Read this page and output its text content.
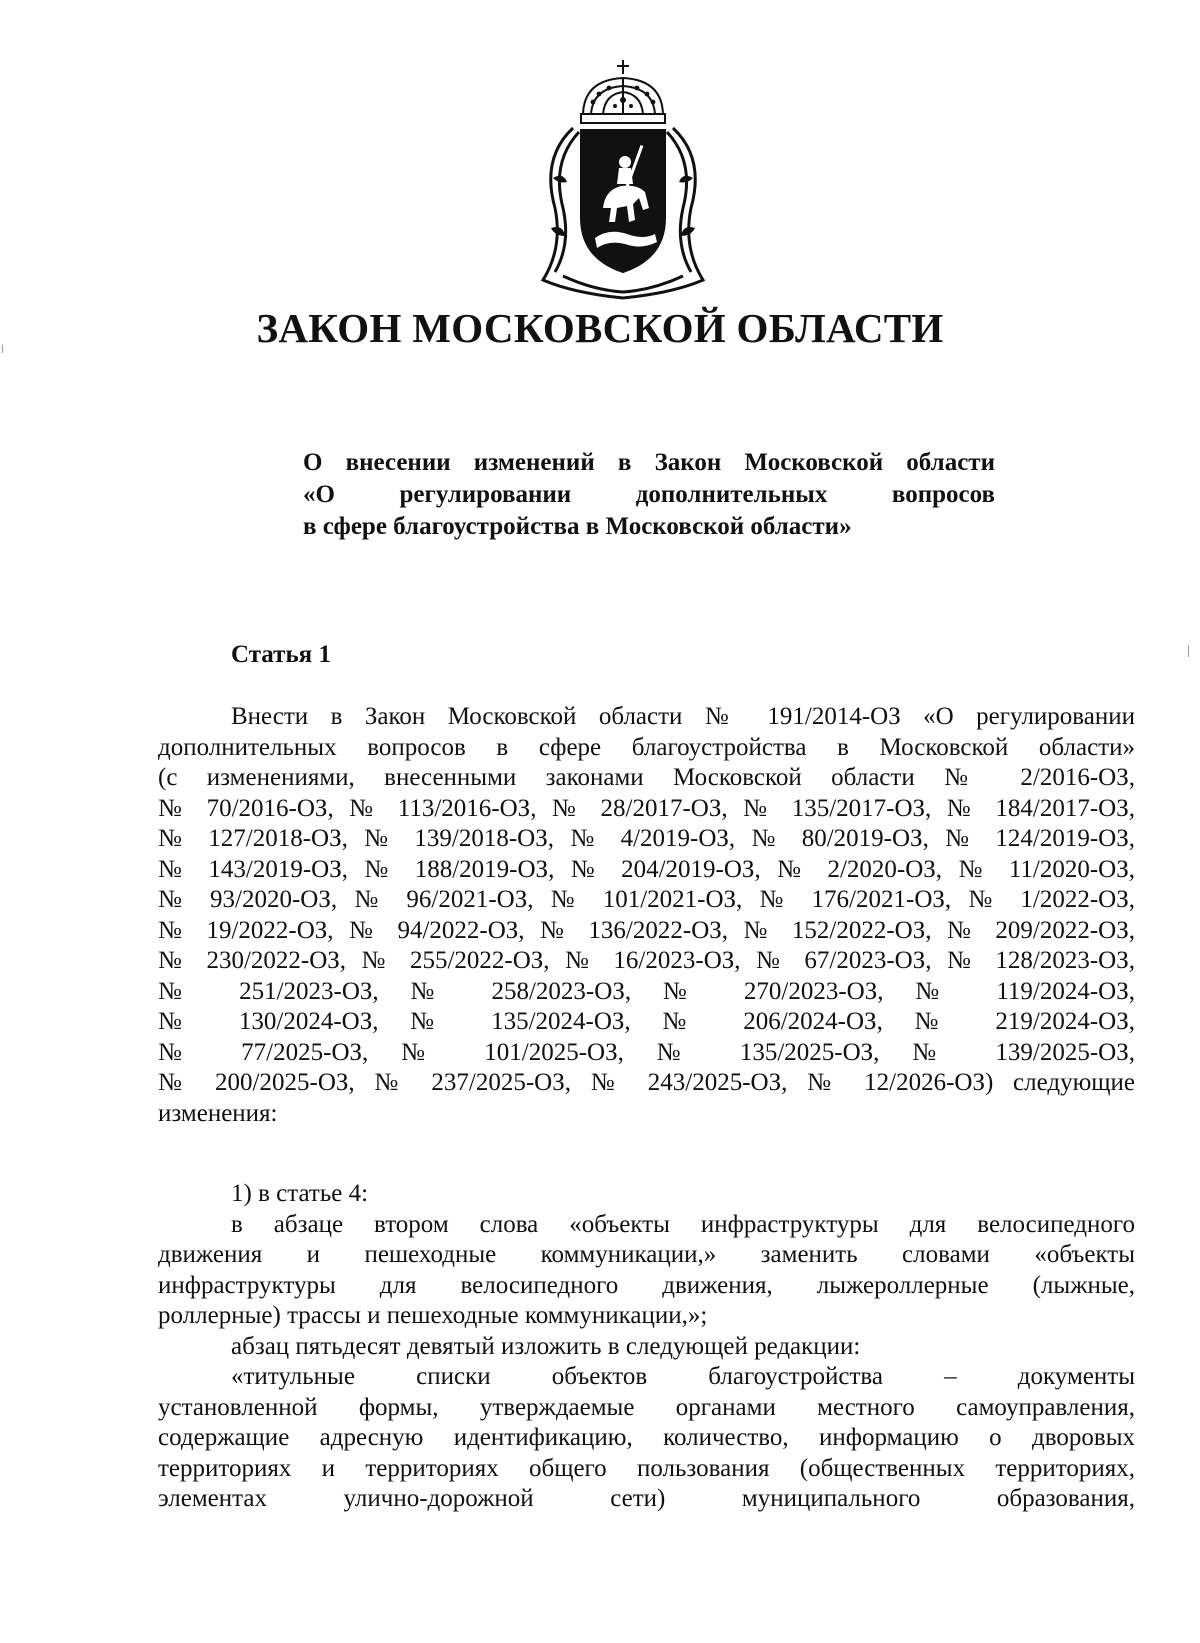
ЗАКОН МОСКОВСКОЙ ОБЛАСТИ
О внесении изменений в Закон Московской области
«О регулировании дополнительных вопросов
в сфере благоустройства в Московской области»
Статья 1
Внести в Закон Московской области № 191/2014-ОЗ «О регулировании
дополнительных вопросов в сфере благоустройства в Московской области»
(с изменениями, внесенными законами Московской области № 2/2016-ОЗ,
№ 70/2016-ОЗ, № 113/2016-ОЗ, № 28/2017-ОЗ, № 135/2017-ОЗ, № 184/2017-ОЗ,
№ 127/2018-ОЗ, № 139/2018-ОЗ, № 4/2019-ОЗ, № 80/2019-ОЗ, № 124/2019-ОЗ,
№ 143/2019-ОЗ, № 188/2019-ОЗ, № 204/2019-ОЗ, № 2/2020-ОЗ, № 11/2020-ОЗ,
№ 93/2020-ОЗ, № 96/2021-ОЗ, № 101/2021-ОЗ, № 176/2021-ОЗ, № 1/2022-ОЗ,
№ 19/2022-ОЗ, № 94/2022-ОЗ, № 136/2022-ОЗ, № 152/2022-ОЗ, № 209/2022-ОЗ,
№ 230/2022-ОЗ, № 255/2022-ОЗ, № 16/2023-ОЗ, № 67/2023-ОЗ, № 128/2023-ОЗ,
№ 251/2023-ОЗ, № 258/2023-ОЗ, № 270/2023-ОЗ, № 119/2024-ОЗ,
№ 130/2024-ОЗ, № 135/2024-ОЗ, № 206/2024-ОЗ, № 219/2024-ОЗ,
№ 77/2025-ОЗ, № 101/2025-ОЗ, № 135/2025-ОЗ, № 139/2025-ОЗ,
№ 200/2025-ОЗ, № 237/2025-ОЗ, № 243/2025-ОЗ, № 12/2026-ОЗ) следующие
изменения:
1) в статье 4:
в абзаце втором слова «объекты инфраструктуры для велосипедного
движения и пешеходные коммуникации,» заменить словами «объекты
инфраструктуры для велосипедного движения, лыжероллерные (лыжные,
роллерные) трассы и пешеходные коммуникации,»;
абзац пятьдесят девятый изложить в следующей редакции:
«титульные списки объектов благоустройства – документы
установленной формы, утверждаемые органами местного самоуправления,
содержащие адресную идентификацию, количество, информацию о дворовых
территориях и территориях общего пользования (общественных территориях,
элементах улично-дорожной сети) муниципального образования,
